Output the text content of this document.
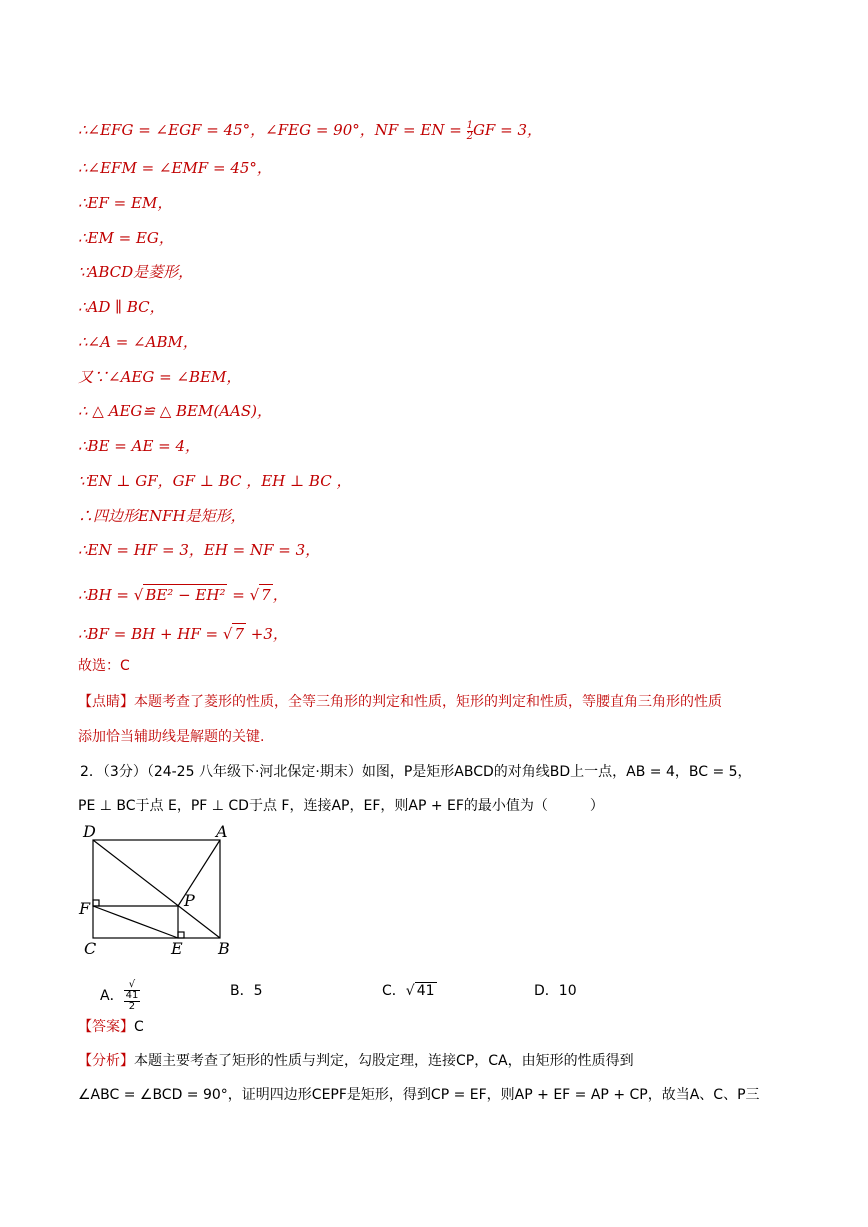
∴∠EFG = ∠EGF = 45°，∠FEG = 90°，NF = EN = $\frac{1}{2}$ GF = 3，
∴∠EFM = ∠EMF = 45°，
∴EF = EM，
∴EM = EG，
∵ABCD是菱形，
∴AD ∥ BC，
∴∠A = ∠ABM，
又∵∠AEG = ∠BEM，
∴ △ AEG≌ △ BEM(AAS)，
∴BE = AE = 4，
∵EN ⊥ GF，GF ⊥ BC ，EH ⊥ BC ，
∴四边形ENFH是矩形，
∴EN = HF = 3，EH = NF = 3，
∴BH = √ BE² − EH² = √ 7 ，
∴BF = BH + HF = √ 7 +3，
故选：C
【点睛】本题考查了菱形的性质，全等三角形的判定和性质，矩形的判定和性质，等腰直角三角形的性质
添加恰当辅助线是解题的关键.
2．（3分）（24-25 八年级下·河北保定·期末）如图，P是矩形ABCD的对角线BD上一点，AB = 4，BC = 5，
PE ⊥ BC于点 E，PF ⊥ CD于点 F，连接AP，EF，则AP + EF的最小值为（　　　）
D	A
F	P
C	E B
A． √
41
2	B．5	C．√ 41	D．10
【答案】C
【分析】本题主要考查了矩形的性质与判定，勾股定理，连接CP，CA，由矩形的性质得到
∠ABC = ∠BCD = 90°，证明四边形CEPF是矩形，得到CP = EF，则AP + EF = AP + CP，故当A、C、P三
